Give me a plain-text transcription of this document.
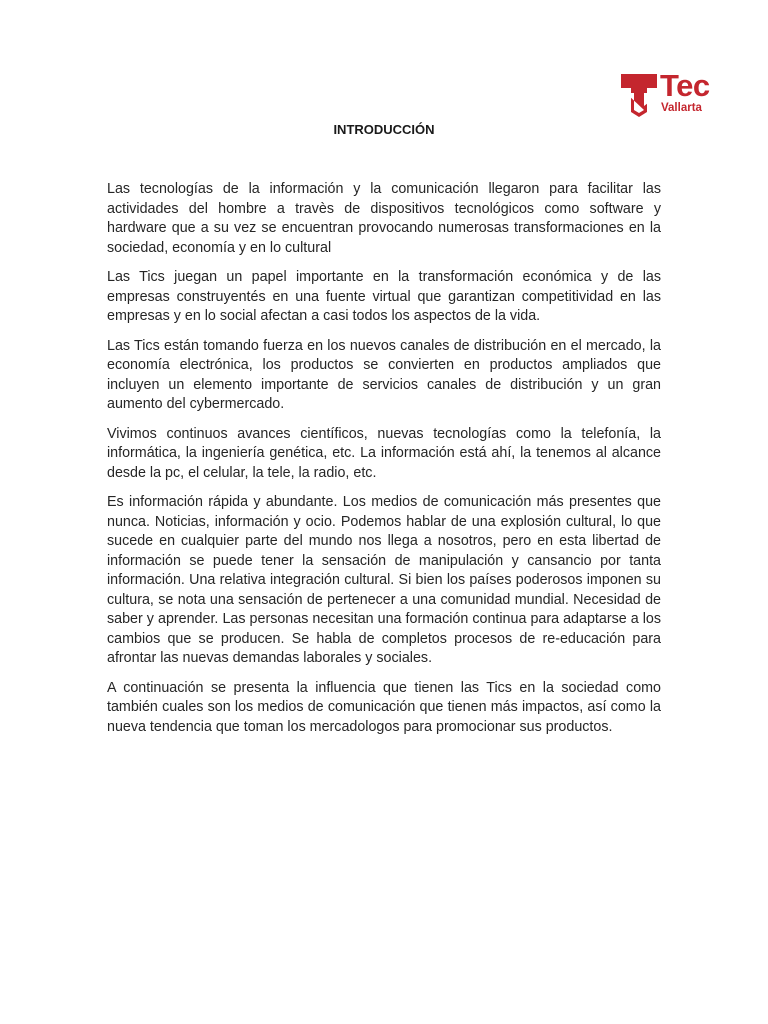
Tec
Vallarta
INTRODUCCIÓN

Las tecnologías de la información y la comunicación llegaron para facilitar las actividades del hombre a travès de dispositivos tecnológicos como software y hardware que a su vez se encuentran provocando numerosas transformaciones en la sociedad, economía y en lo cultural

Las Tics juegan un papel importante en la transformación económica y de las empresas construyentés en una fuente virtual que garantizan competitividad en las empresas y en lo social afectan a casi todos los aspectos de la vida.

Las Tics están tomando fuerza en los nuevos canales de distribución en el mercado, la economía electrónica, los productos se convierten en productos ampliados que incluyen un elemento importante de servicios canales de distribución y un gran aumento del cybermercado.

Vivimos continuos avances científicos, nuevas tecnologías como la telefonía, la informática, la ingeniería genética, etc. La información está ahí, la tenemos al alcance desde la pc, el celular, la tele, la radio, etc.

Es información rápida y abundante. Los medios de comunicación más presentes que nunca. Noticias, información y ocio. Podemos hablar de una explosión cultural, lo que sucede en cualquier parte del mundo nos llega a nosotros, pero en esta libertad de información se puede tener la sensación de manipulación y cansancio por tanta información. Una relativa integración cultural. Si bien los países poderosos imponen su cultura, se nota una sensación de pertenecer a una comunidad mundial. Necesidad de saber y aprender. Las personas necesitan una formación continua para adaptarse a los cambios que se producen. Se habla de completos procesos de re-educación para afrontar las nuevas demandas laborales y sociales.

A continuación se presenta la influencia que tienen las Tics en la sociedad como también cuales son los medios de comunicación que tienen más impactos, así como la nueva tendencia que toman los mercadologos para promocionar sus productos.
